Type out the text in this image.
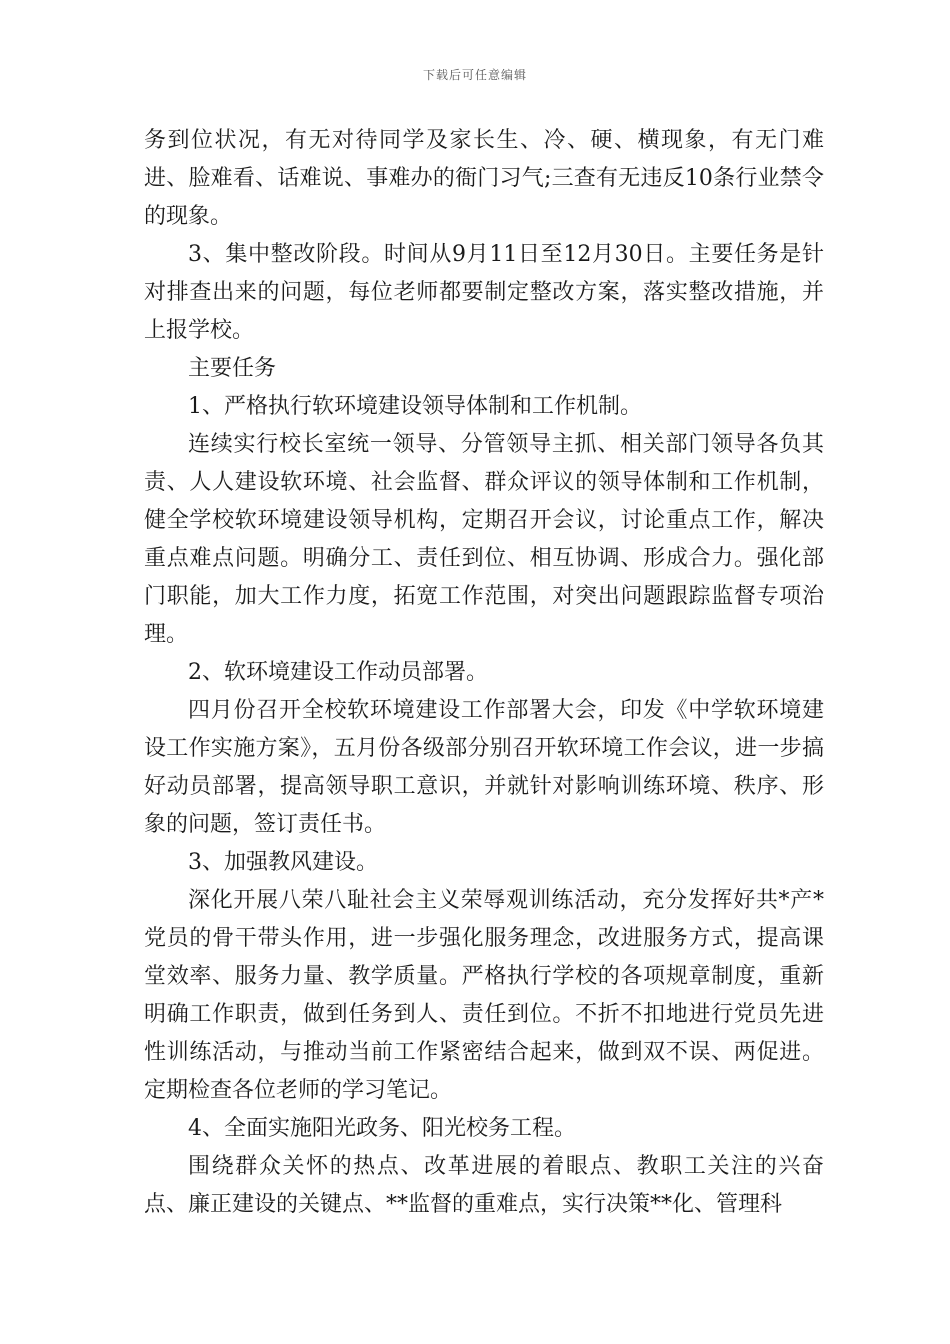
下载后可任意编辑

务到位状况，有无对待同学及家长生、冷、硬、横现象，有无门难进、脸难看、话难说、事难办的衙门习气;三查有无违反10条行业禁令的现象。

3、集中整改阶段。时间从9月11日至12月30日。主要任务是针对排查出来的问题，每位老师都要制定整改方案，落实整改措施，并上报学校。

主要任务

1、严格执行软环境建设领导体制和工作机制。

连续实行校长室统一领导、分管领导主抓、相关部门领导各负其责、人人建设软环境、社会监督、群众评议的领导体制和工作机制，健全学校软环境建设领导机构，定期召开会议，讨论重点工作，解决重点难点问题。明确分工、责任到位、相互协调、形成合力。强化部门职能，加大工作力度，拓宽工作范围，对突出问题跟踪监督专项治理。

2、软环境建设工作动员部署。

四月份召开全校软环境建设工作部署大会，印发《中学软环境建设工作实施方案》，五月份各级部分别召开软环境工作会议，进一步搞好动员部署，提高领导职工意识，并就针对影响训练环境、秩序、形象的问题，签订责任书。

3、加强教风建设。

深化开展八荣八耻社会主义荣辱观训练活动，充分发挥好共*产*党员的骨干带头作用，进一步强化服务理念，改进服务方式，提高课堂效率、服务力量、教学质量。严格执行学校的各项规章制度，重新明确工作职责，做到任务到人、责任到位。不折不扣地进行党员先进性训练活动，与推动当前工作紧密结合起来，做到双不误、两促进。定期检查各位老师的学习笔记。

4、全面实施阳光政务、阳光校务工程。

围绕群众关怀的热点、改革进展的着眼点、教职工关注的兴奋点、廉正建设的关键点、**监督的重难点，实行决策**化、管理科
